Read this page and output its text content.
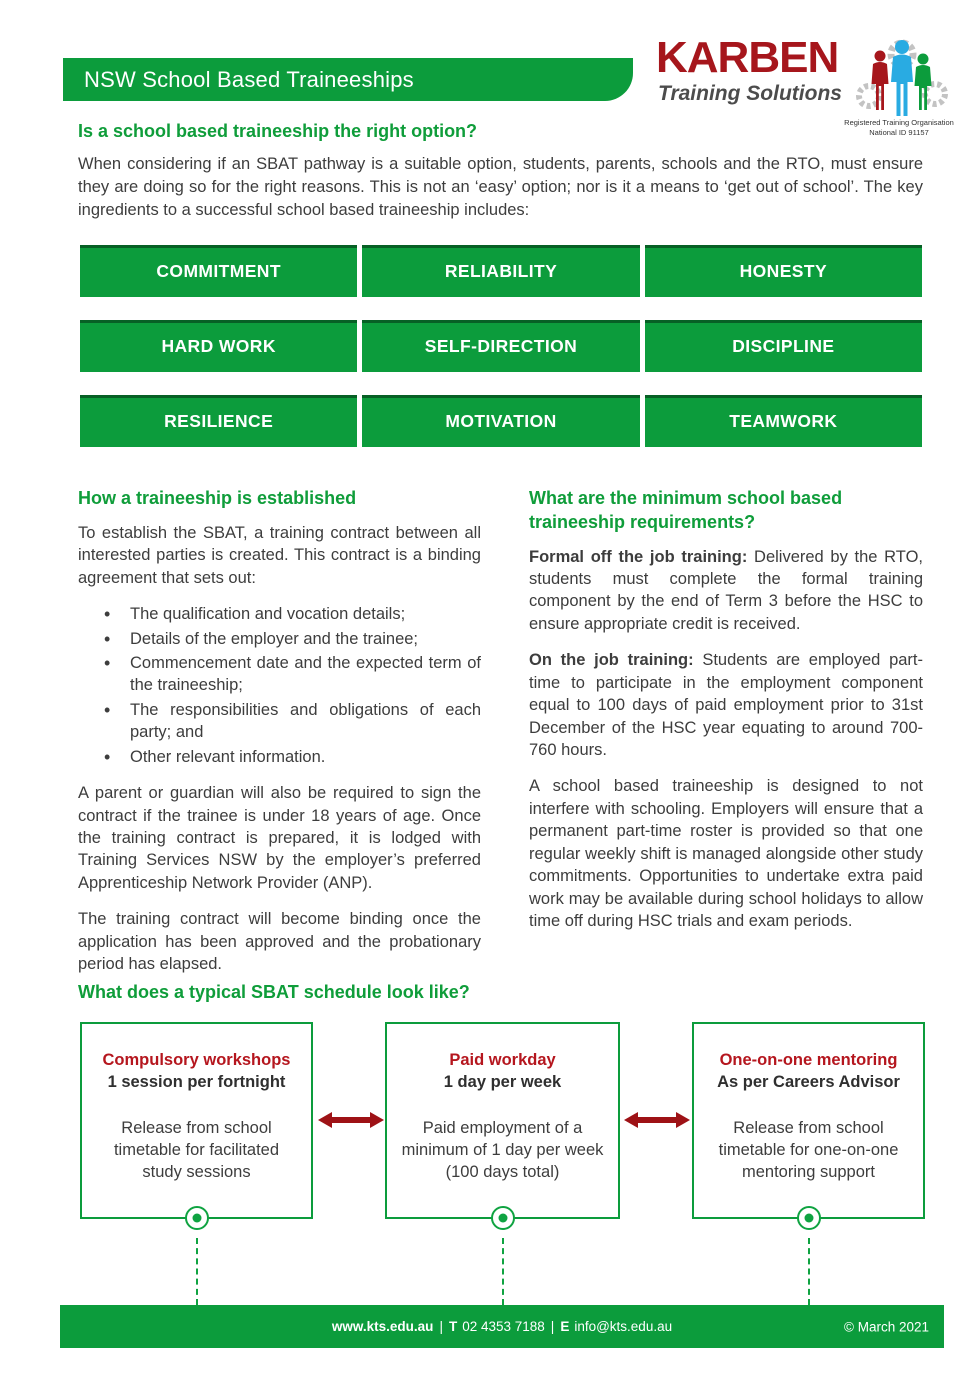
NSW School Based Traineeships	KARBEN
Training Solutions
Registered Training Organisation
National ID 91157
Is a school based traineeship the right option?
When considering if an SBAT pathway is a suitable option, students, parents, schools and the RTO, must ensure they are doing so for the right reasons. This is not an ‘easy’ option; nor is it a means to ‘get out of school’. The key ingredients to a successful school based traineeship includes:
COMMITMENT	RELIABILITY	HONESTY
HARD WORK	SELF-DIRECTION	DISCIPLINE
RESILIENCE	MOTIVATION	TEAMWORK
How a traineeship is established

To establish the SBAT, a training contract between all interested parties is created. This contract is a binding agreement that sets out:

• The qualification and vocation details;
• Details of the employer and the trainee;
• Commencement date and the expected term of the traineeship;
• The responsibilities and obligations of each party; and
• Other relevant information.

A parent or guardian will also be required to sign the contract if the trainee is under 18 years of age. Once the training contract is prepared, it is lodged with Training Services NSW by the employer’s preferred Apprenticeship Network Provider (ANP).

The training contract will become binding once the application has been approved and the probationary period has elapsed.

What are the minimum school based traineeship requirements?

Formal off the job training: Delivered by the RTO, students must complete the formal training component by the end of Term 3 before the HSC to ensure appropriate credit is received.

On the job training: Students are employed part-time to participate in the employment component equal to 100 days of paid employment prior to 31st December of the HSC year equating to around 700-760 hours.

A school based traineeship is designed to not interfere with schooling. Employers will ensure that a permanent part-time roster is provided so that one regular weekly shift is managed alongside other study commitments. Opportunities to undertake extra paid work may be available during school holidays to allow time off during HSC trials and exam periods.

What does a typical SBAT schedule look like?
Compulsory workshops
1 session per fortnight
Release from school timetable for facilitated study sessions
Paid workday
1 day per week
Paid employment of a minimum of 1 day per week (100 days total)
One-on-one mentoring
As per Careers Advisor
Release from school timetable for one-on-one mentoring support
www.kts.edu.au | T 02 4353 7188 | E info@kts.edu.au	© March 2021
